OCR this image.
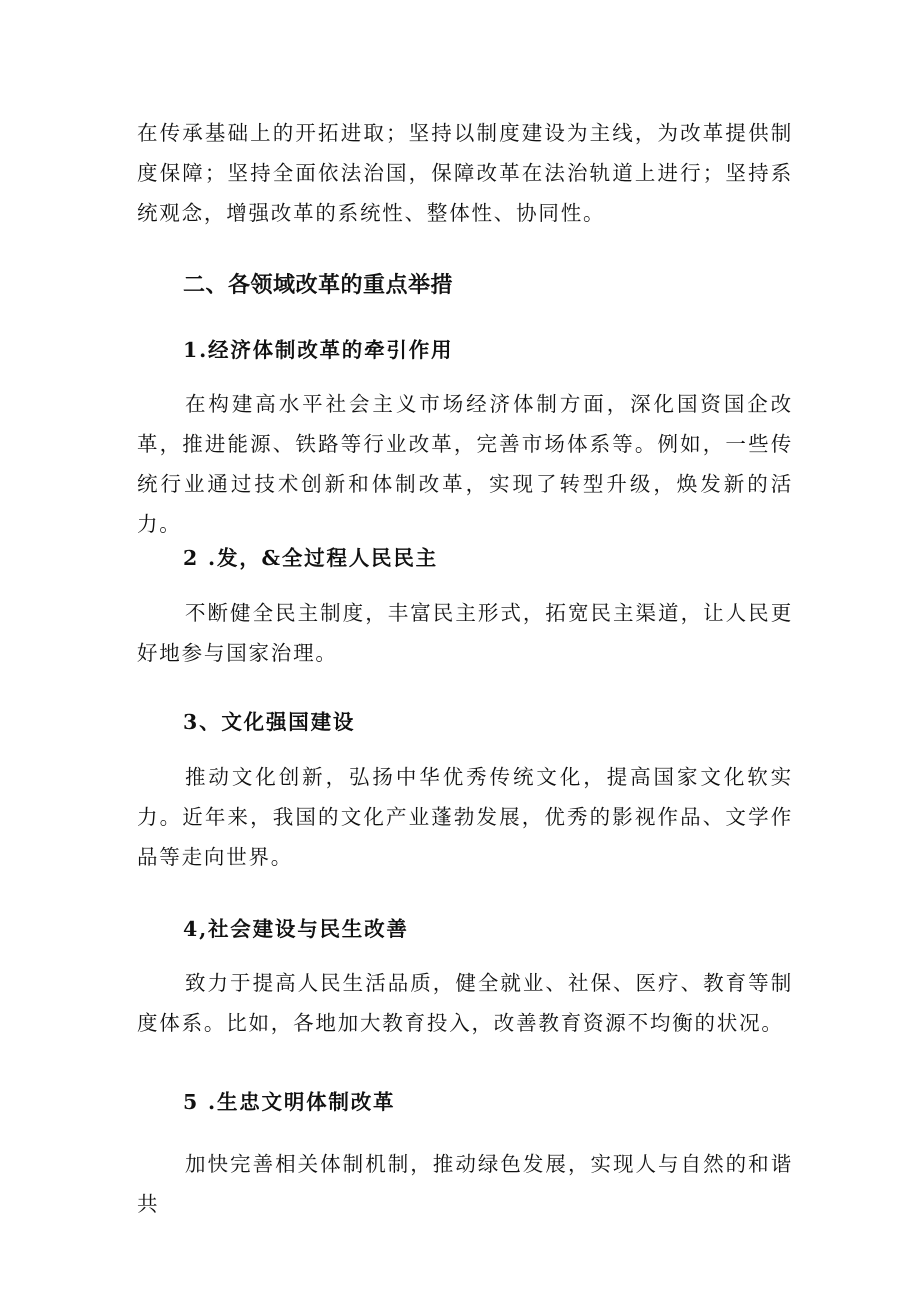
在传承基础上的开拓进取；坚持以制度建设为主线，为改革提供制度保障；坚持全面依法治国，保障改革在法治轨道上进行；坚持系统观念，增强改革的系统性、整体性、协同性。

二、各领域改革的重点举措
1.经济体制改革的牵引作用

在构建高水平社会主义市场经济体制方面，深化国资国企改革，推进能源、铁路等行业改革，完善市场体系等。例如，一些传统行业通过技术创新和体制改革，实现了转型升级，焕发新的活力。

2 .发，&全过程人民民主

不断健全民主制度，丰富民主形式，拓宽民主渠道，让人民更好地参与国家治理。

3、文化强国建设

推动文化创新，弘扬中华优秀传统文化，提高国家文化软实力。近年来，我国的文化产业蓬勃发展，优秀的影视作品、文学作品等走向世界。

4,社会建设与民生改善

致力于提高人民生活品质，健全就业、社保、医疗、教育等制度体系。比如，各地加大教育投入，改善教育资源不均衡的状况。

5 .生忠文明体制改革

加快完善相关体制机制，推动绿色发展，实现人与自然的和谐共
